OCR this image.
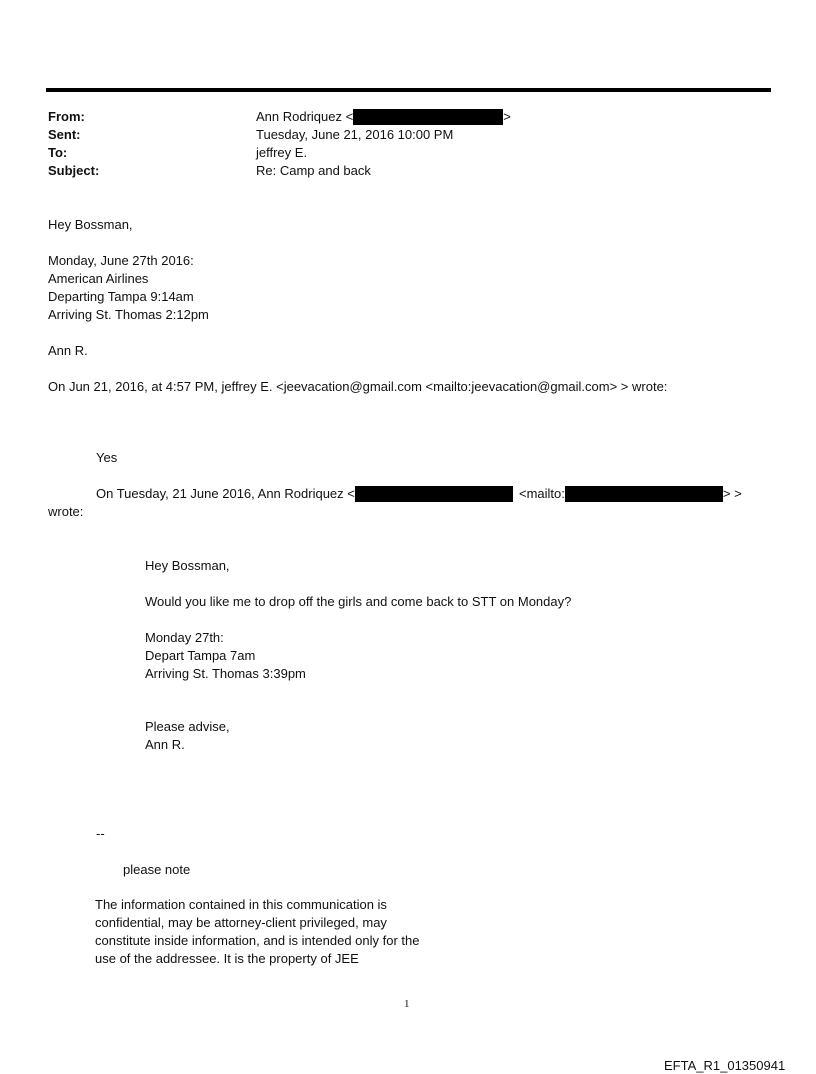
From:	Ann Rodriquez <	>
Sent:	Tuesday, June 21, 2016 10:00 PM
To:	jeffrey E.
Subject:	Re: Camp and back
Hey Bossman,
Monday, June 27th 2016:
American Airlines
Departing Tampa 9:14am
Arriving St. Thomas 2:12pm
Ann R.
On Jun 21, 2016, at 4:57 PM, jeffrey E. <jeevacation@gmail.com <mailto:jeevacation@gmail.com> > wrote:
Yes
On Tuesday, 21 June 2016, Ann Rodriquez <	<mailto:	> >
wrote:
Hey Bossman,
Would you like me to drop off the girls and come back to STT on Monday?
Monday 27th:
Depart Tampa 7am
Arriving St. Thomas 3:39pm
Please advise,
Ann R.
--
please note
The information contained in this communication is confidential, may be attorney-client privileged, may constitute inside information, and is intended only for the use of the addressee. It is the property of JEE
1
EFTA_R1_01350941
